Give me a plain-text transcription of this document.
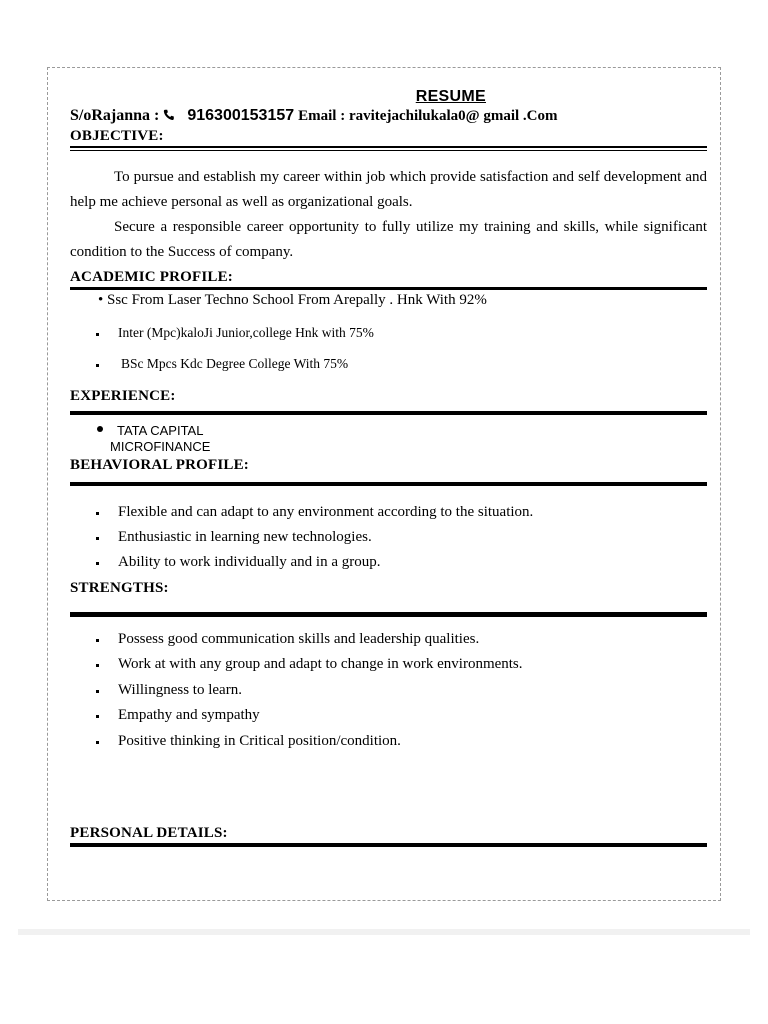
RESUME
S/oRajanna : 916300153157 Email : ravitejachilukala0@ gmail .Com
OBJECTIVE:

To pursue and establish my career within job which provide satisfaction and self development and help me achieve personal as well as organizational goals.

Secure a responsible career opportunity to fully utilize my training and skills, while significant condition to the Success of company.

ACADEMIC PROFILE:
• Ssc From Laser Techno School From Arepally . Hnk With 92%
Inter (Mpc)kaloJi Junior,college Hnk with 75%
BSc Mpcs Kdc Degree College With 75%
EXPERIENCE:
TATA CAPITAL
MICROFINANCE
BEHAVIORAL PROFILE:
Flexible and can adapt to any environment according to the situation.
Enthusiastic in learning new technologies.
Ability to work individually and in a group.
STRENGTHS:
Possess good communication skills and leadership qualities.
Work at with any group and adapt to change in work environments.
Willingness to learn.
Empathy and sympathy
Positive thinking in Critical position/condition.
PERSONAL DETAILS:
